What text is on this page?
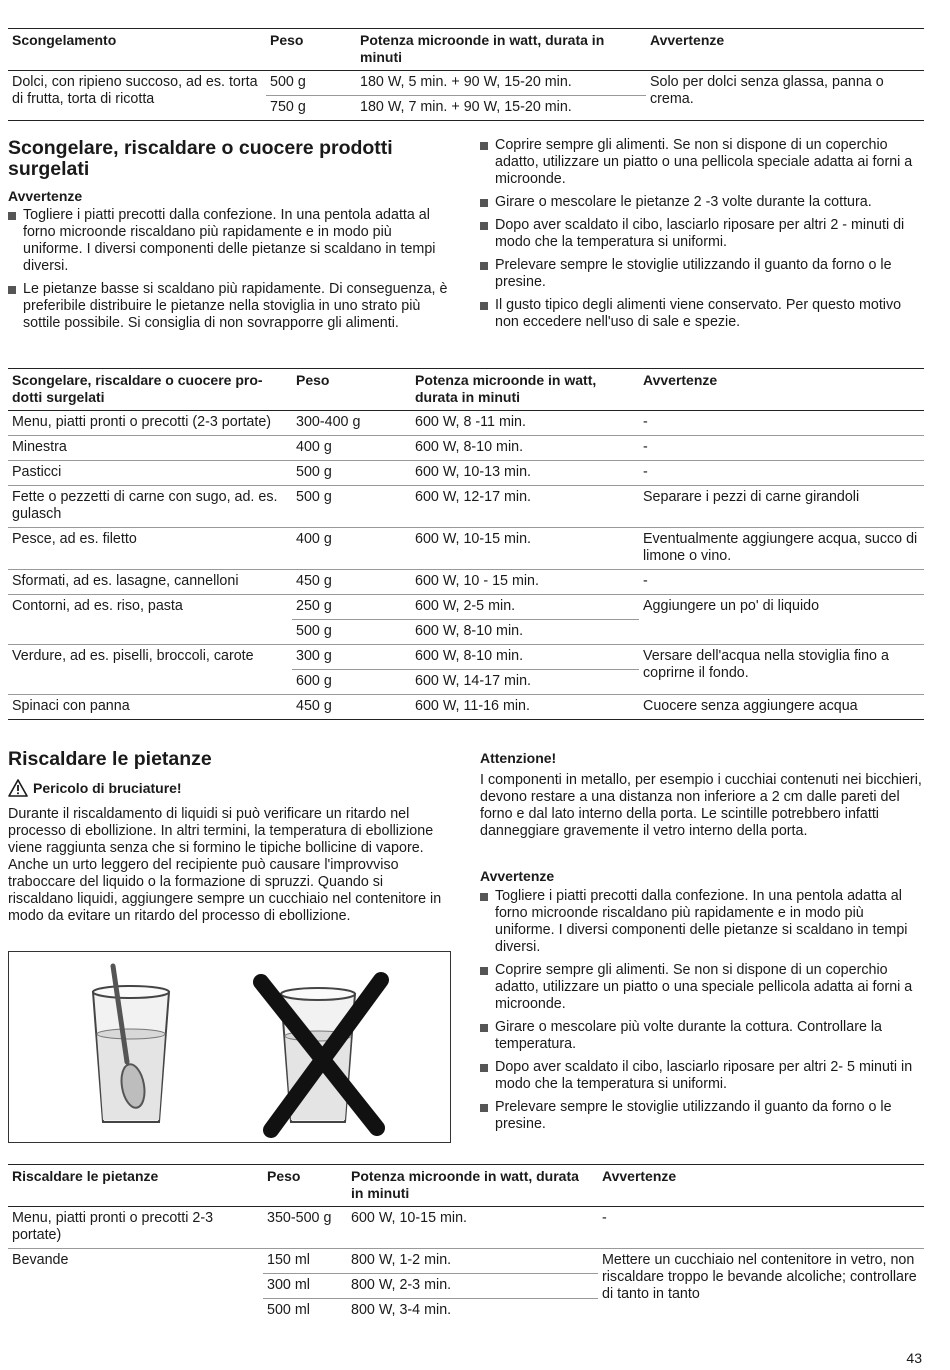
Scongelamento	Peso	Potenza microonde in watt, durata in minuti	Avvertenze
Dolci, con ripieno succoso, ad es. torta di frutta, torta di ricotta	500 g	180 W, 5 min. + 90 W, 15-20 min.	Solo per dolci senza glassa, panna o crema.
	750 g	180 W, 7 min. + 90 W, 15-20 min.	
Scongelare, riscaldare o cuocere prodotti surgelati
Avvertenze
Togliere i piatti precotti dalla confezione. In una pentola adatta al forno microonde riscaldano più rapidamente e in modo più uniforme. I diversi componenti delle pietanze si scaldano in tempi diversi.
Le pietanze basse si scaldano più rapidamente. Di conseguenza, è preferibile distribuire le pietanze nella stoviglia in uno strato più sottile possibile. Si consiglia di non sovrapporre gli alimenti.
Coprire sempre gli alimenti. Se non si dispone di un coperchio adatto, utilizzare un piatto o una pellicola speciale adatta ai forni a microonde.
Girare o mescolare le pietanze 2 -3 volte durante la cottura.
Dopo aver scaldato il cibo, lasciarlo riposare per altri 2 - minuti di modo che la temperatura si uniformi.
Prelevare sempre le stoviglie utilizzando il guanto da forno o le presine.
Il gusto tipico degli alimenti viene conservato. Per questo motivo non eccedere nell'uso di sale e spezie.
Scongelare, riscaldare o cuocere pro- dotti surgelati	Peso	Potenza microonde in watt, durata in minuti	Avvertenze
Menu, piatti pronti o precotti (2-3 portate)	300-400 g	600 W, 8 -11 min.	-
Minestra	400 g	600 W, 8-10 min.	-
Pasticci	500 g	600 W, 10-13 min.	-
Fette o pezzetti di carne con sugo, ad. es. gulasch	500 g	600 W, 12-17 min.	Separare i pezzi di carne girandoli
Pesce, ad es. filetto	400 g	600 W, 10-15 min.	Eventualmente aggiungere acqua, succo di limone o vino.
Sformati, ad es. lasagne, cannelloni	450 g	600 W, 10 - 15 min.	-
Contorni, ad es. riso, pasta	250 g	600 W, 2-5 min.	Aggiungere un po' di liquido
	500 g	600 W, 8-10 min.	
Verdure, ad es. piselli, broccoli, carote	300 g	600 W, 8-10 min.	Versare dell'acqua nella stoviglia fino a coprirne il fondo.
	600 g	600 W, 14-17 min.	
Spinaci con panna	450 g	600 W, 11-16 min.	Cuocere senza aggiungere acqua
Riscaldare le pietanze
Pericolo di bruciature!
Durante il riscaldamento di liquidi si può verificare un ritardo nel processo di ebollizione. In altri termini, la temperatura di ebollizione viene raggiunta senza che si formino le tipiche bollicine di vapore. Anche un urto leggero del recipiente può causare l'improvviso traboccare del liquido o la formazione di spruzzi. Quando si riscaldano liquidi, aggiungere sempre un cucchiaio nel contenitore in modo da evitare un ritardo del processo di ebollizione.
Attenzione!
I componenti in metallo, per esempio i cucchiai contenuti nei bicchieri, devono restare a una distanza non inferiore a 2 cm dalle pareti del forno e dal lato interno della porta. Le scintille potrebbero infatti danneggiare gravemente il vetro interno della porta.
Avvertenze
Togliere i piatti precotti dalla confezione. In una pentola adatta al forno microonde riscaldano più rapidamente e in modo più uniforme. I diversi componenti delle pietanze si scaldano in tempi diversi.
Coprire sempre gli alimenti. Se non si dispone di un coperchio adatto, utilizzare un piatto o una speciale pellicola adatta ai forni a microonde.
Girare o mescolare più volte durante la cottura. Controllare la temperatura.
Dopo aver scaldato il cibo, lasciarlo riposare per altri 2- 5 minuti in modo che la temperatura si uniformi.
Prelevare sempre le stoviglie utilizzando il guanto da forno o le presine.
Riscaldare le pietanze	Peso	Potenza microonde in watt, durata in minuti	Avvertenze
Menu, piatti pronti o precotti 2-3 portate)	350-500 g	600 W, 10-15 min.	-
Bevande	150 ml	800 W, 1-2 min.	Mettere un cucchiaio nel contenitore in vetro, non riscaldare troppo le bevande alcoliche; controllare di tanto in tanto
	300 ml	800 W, 2-3 min.	
	500 ml	800 W, 3-4 min.	
43
